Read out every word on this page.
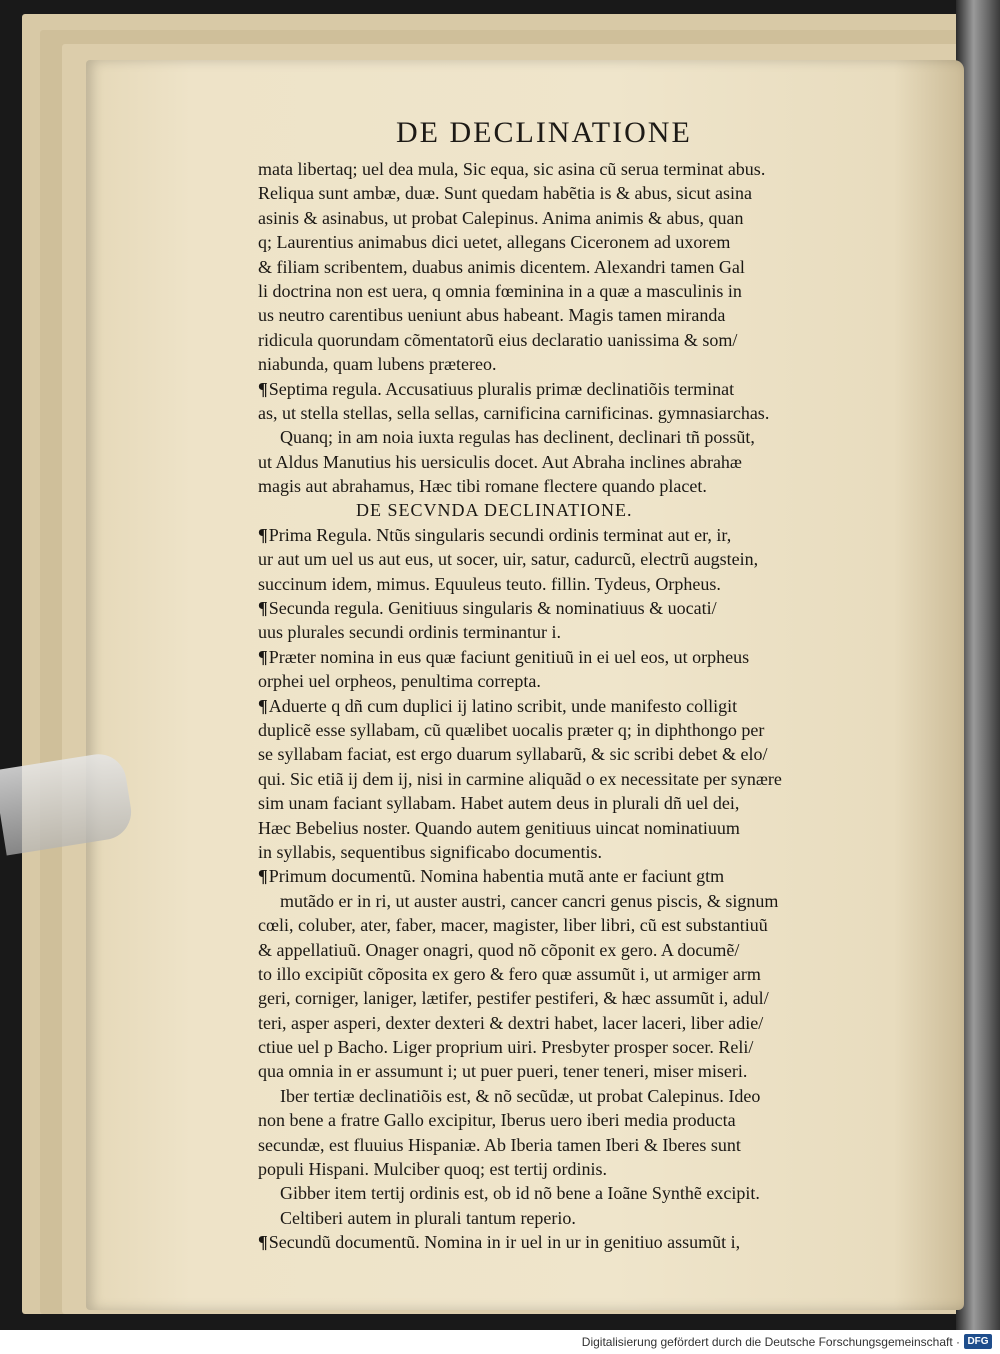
DE DECLINATIONE
mata libertaq; uel dea mula, Sic equa, sic asina cũ serua terminat abus.
Reliqua sunt ambæ, duæ. Sunt quedam habẽtia is & abus, sicut asina
asinis & asinabus, ut probat Calepinus. Anima animis & abus, quan
q; Laurentius animabus dici uetet, allegans Ciceronem ad uxorem
& filiam scribentem, duabus animis dicentem. Alexandri tamen Gal
li doctrina non est uera, q omnia fœminina in a quæ a masculinis in
us neutro carentibus ueniunt abus habeant. Magis tamen miranda
ridicula quorundam cõmentatorũ eius declaratio uanissima & som/
niabunda, quam lubens prætereo.
¶Septima regula. Accusatiuus pluralis primæ declinatiõis terminat
as, ut stella stellas, sella sellas, carnificina carnificinas. gymnasiarchas.
Quanq; in am noia iuxta regulas has declinent, declinari tñ possũt,
ut Aldus Manutius his uersiculis docet. Aut Abraha inclines abrahæ
magis aut abrahamus, Hæc tibi romane flectere quando placet.
DE SECVNDA DECLINATIONE.
¶Prima Regula. Ntũs singularis secundi ordinis terminat aut er, ir,
ur aut um uel us aut eus, ut socer, uir, satur, cadurcũ, electrũ augstein,
succinum idem, mimus. Equuleus teuto. fillin. Tydeus, Orpheus.
¶Secunda regula. Genitiuus singularis & nominatiuus & uocati/
uus plurales secundi ordinis terminantur i.
¶Præter nomina in eus quæ faciunt genitiuũ in ei uel eos, ut orpheus
orphei uel orpheos, penultima correpta.
¶Aduerte q dñ cum duplici ij latino scribit, unde manifesto colligit
duplicẽ esse syllabam, cũ quælibet uocalis præter q; in diphthongo per
se syllabam faciat, est ergo duarum syllabarũ, & sic scribi debet & elo/
qui. Sic etiã ij dem ij, nisi in carmine aliquãd o ex necessitate per synære
sim unam faciant syllabam. Habet autem deus in plurali dñ uel dei,
Hæc Bebelius noster. Quando autem genitiuus uincat nominatiuum
in syllabis, sequentibus significabo documentis.
¶Primum documentũ. Nomina habentia mutã ante er faciunt gtm
mutãdo er in ri, ut auster austri, cancer cancri genus piscis, & signum
cœli, coluber, ater, faber, macer, magister, liber libri, cũ est substantiuũ
& appellatiuũ. Onager onagri, quod nõ cõponit ex gero. A documẽ/
to illo excipiũt cõposita ex gero & fero quæ assumũt i, ut armiger arm
geri, corniger, laniger, lætifer, pestifer pestiferi, & hæc assumũt i, adul/
teri, asper asperi, dexter dexteri & dextri habet, lacer laceri, liber adie/
ctiue uel p Bacho. Liger proprium uiri. Presbyter prosper socer. Reli/
qua omnia in er assumunt i; ut puer pueri, tener teneri, miser miseri.
Iber tertiæ declinatiõis est, & nõ secũdæ, ut probat Calepinus. Ideo
non bene a fratre Gallo excipitur, Iberus uero iberi media producta
secundæ, est fluuius Hispaniæ. Ab Iberia tamen Iberi & Iberes sunt
populi Hispani. Mulciber quoq; est tertij ordinis.
Gibber item tertij ordinis est, ob id nõ bene a Ioãne Synthẽ excipit.
Celtiberi autem in plurali tantum reperio.
¶Secundũ documentũ. Nomina in ir uel in ur in genitiuo assumũt i,
Digitalisierung gefördert durch die Deutsche Forschungsgemeinschaft · DFG
